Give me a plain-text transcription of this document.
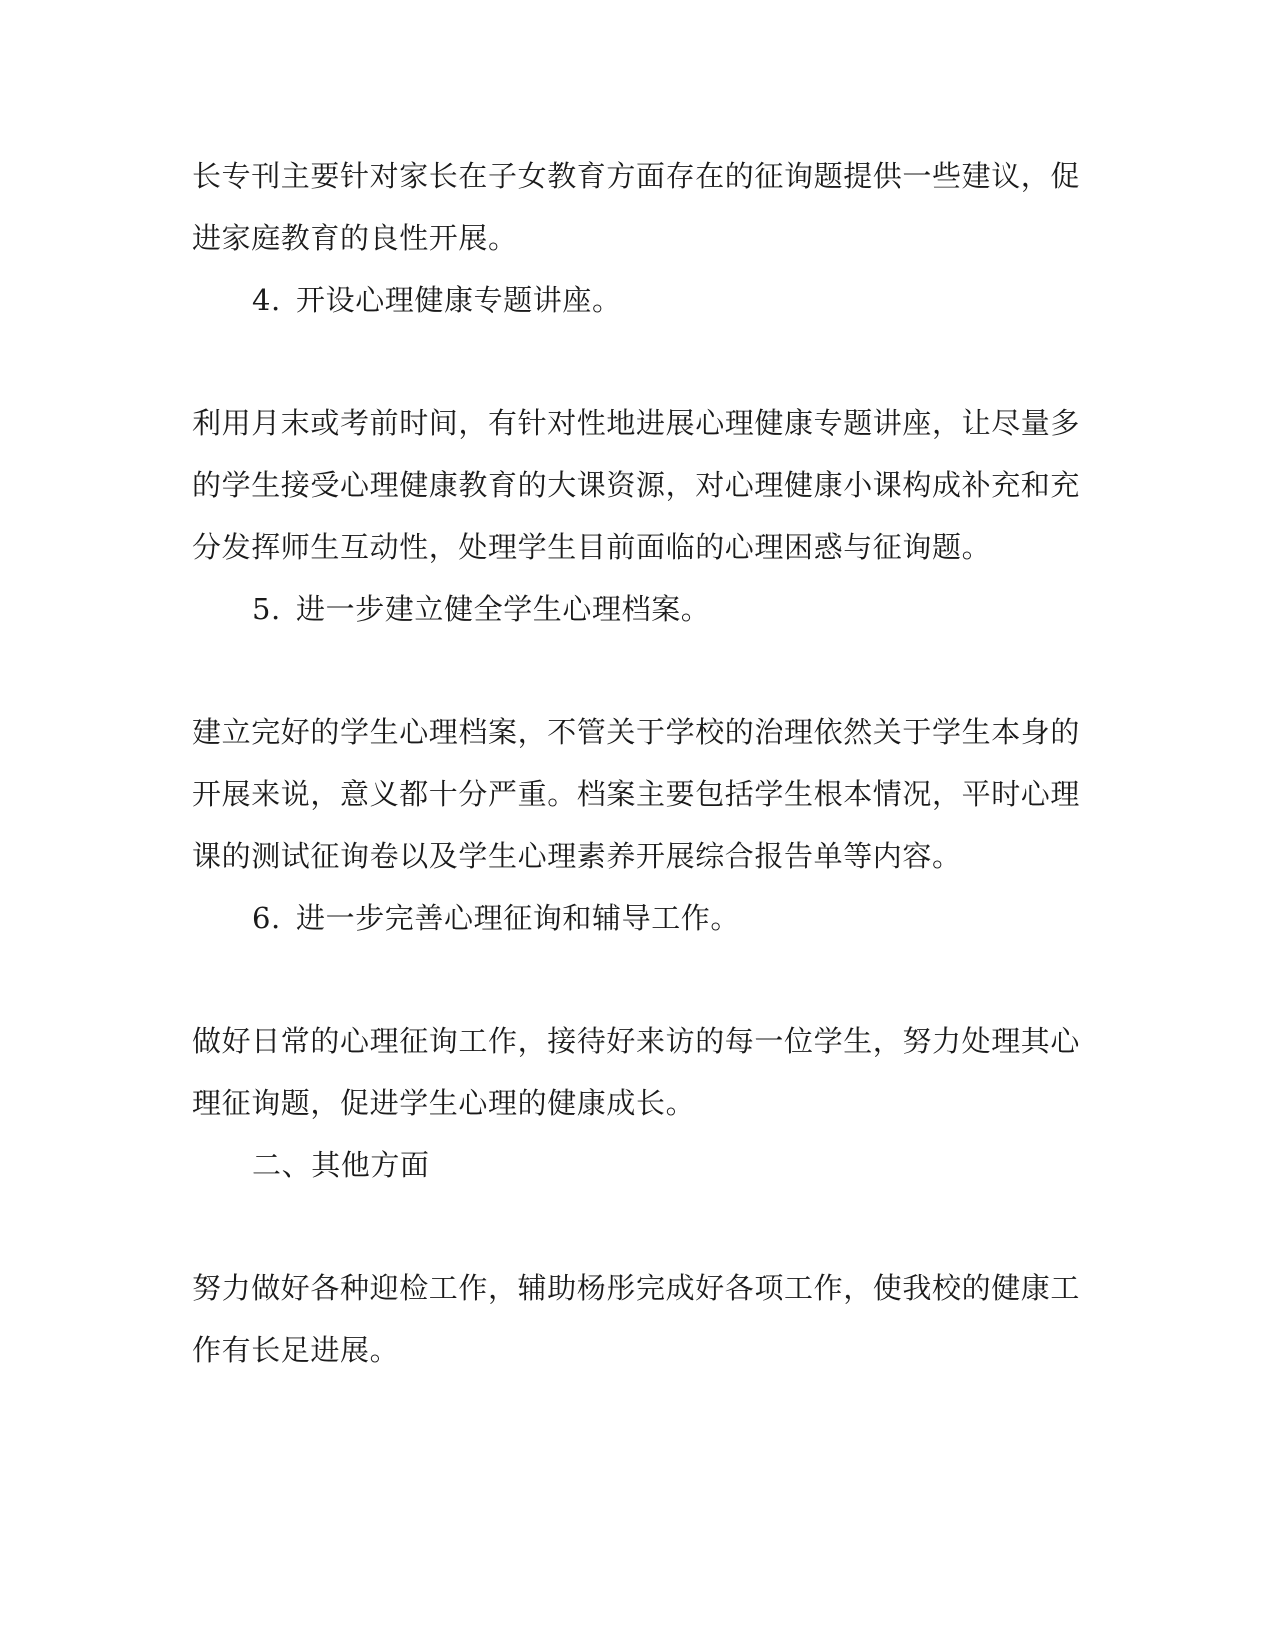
长专刊主要针对家长在子女教育方面存在的征询题提供一些建议，促
进家庭教育的良性开展。
4. 开设心理健康专题讲座。
利用月末或考前时间，有针对性地进展心理健康专题讲座，让尽量多
的学生接受心理健康教育的大课资源，对心理健康小课构成补充和充
分发挥师生互动性，处理学生目前面临的心理困惑与征询题。
5. 进一步建立健全学生心理档案。
建立完好的学生心理档案，不管关于学校的治理依然关于学生本身的
开展来说，意义都十分严重。档案主要包括学生根本情况，平时心理
课的测试征询卷以及学生心理素养开展综合报告单等内容。
6. 进一步完善心理征询和辅导工作。
做好日常的心理征询工作，接待好来访的每一位学生，努力处理其心
理征询题，促进学生心理的健康成长。
二、其他方面
努力做好各种迎检工作，辅助杨彤完成好各项工作，使我校的健康工
作有长足进展。
